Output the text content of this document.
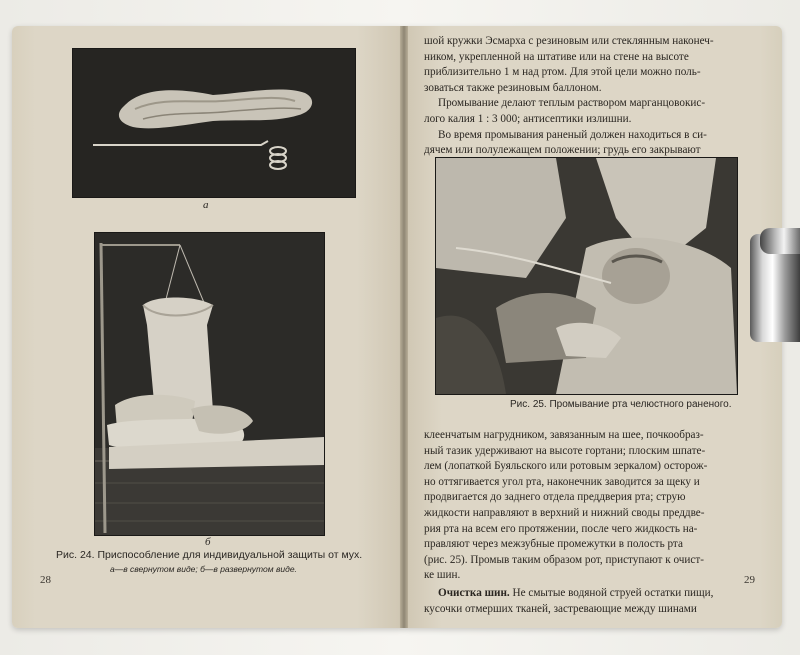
а
б
Рис. 24. Приспособление для индивидуальной защиты от мух.
а—в свернутом виде; б—в развернутом виде.
28
шой кружки Эсмарха с резиновым или стеклянным наконеч-
ником, укрепленной на штативе или на стене на высоте
приблизительно 1 м над ртом. Для этой цели можно поль-
зоваться также резиновым баллоном.
Промывание делают теплым раствором марганцовокис-
лого калия 1 : 3 000; антисептики излишни.
Во время промывания раненый должен находиться в си-
дячем или полулежащем положении; грудь его закрывают
Рис. 25. Промывание рта челюстного раненого.
клеенчатым нагрудником, завязанным на шее, почкообраз-
ный тазик удерживают на высоте гортани; плоским шпате-
лем (лопаткой Буяльского или ротовым зеркалом) осторож-
но оттягивается угол рта, наконечник заводится за щеку и
продвигается до заднего отдела преддверия рта; струю
жидкости направляют в верхний и нижний своды преддве-
рия рта на всем его протяжении, после чего жидкость на-
правляют через межзубные промежутки в полость рта
(рис. 25). Промыв таким образом рот, приступают к очист-
ке шин.
Очистка шин. Не смытые водяной струей остатки пищи,
кусочки отмерших тканей, застревающие между шинами
29
